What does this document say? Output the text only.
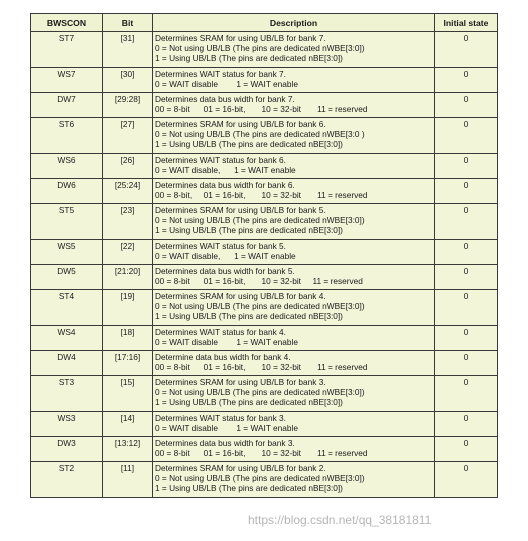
BWSCON	Bit	Description	Initial state
ST7	[31]	Determines SRAM for using UB/LB for bank 7.
0 = Not using UB/LB (The pins are dedicated nWBE[3:0])
1 = Using UB/LB (The pins are dedicated nBE[3:0])	0
WS7	[30]	Determines WAIT status for bank 7.
0 = WAIT disable        1 = WAIT enable	0
DW7	[29:28]	Determines data bus width for bank 7.
00 = 8-bit      01 = 16-bit,       10 = 32-bit       11 = reserved	0
ST6	[27]	Determines SRAM for using UB/LB for bank 6.
0 = Not using UB/LB (The pins are dedicated nWBE[3:0 )
1 = Using UB/LB (The pins are dedicated nBE[3:0])	0
WS6	[26]	Determines WAIT status for bank 6.
0 = WAIT disable,      1 = WAIT enable	0
DW6	[25:24]	Determines data bus width for bank 6.
00 = 8-bit,     01 = 16-bit,       10 = 32-bit       11 = reserved	0
ST5	[23]	Determines SRAM for using UB/LB for bank 5.
0 = Not using UB/LB (The pins are dedicated nWBE[3:0])
1 = Using UB/LB (The pins are dedicated nBE[3:0])	0
WS5	[22]	Determines WAIT status for bank 5.
0 = WAIT disable,      1 = WAIT enable	0
DW5	[21:20]	Determines data bus width for bank 5.
00 = 8-bit      01 = 16-bit,       10 = 32-bit     11 = reserved	0
ST4	[19]	Determines SRAM for using UB/LB for bank 4.
0 = Not using UB/LB (The pins are dedicated nWBE[3:0])
1 = Using UB/LB (The pins are dedicated nBE[3:0])	0
WS4	[18]	Determines WAIT status for bank 4.
0 = WAIT disable        1 = WAIT enable	0
DW4	[17:16]	Determine data bus width for bank 4.
00 = 8-bit      01 = 16-bit,       10 = 32-bit       11 = reserved	0
ST3	[15]	Determines SRAM for using UB/LB for bank 3.
0 = Not using UB/LB (The pins are dedicated nWBE[3:0])
1 = Using UB/LB (The pins are dedicated nBE[3:0])	0
WS3	[14]	Determines WAIT status for bank 3.
0 = WAIT disable        1 = WAIT enable	0
DW3	[13:12]	Determines data bus width for bank 3.
00 = 8-bit      01 = 16-bit,       10 = 32-bit       11 = reserved	0
ST2	[11]	Determines SRAM for using UB/LB for bank 2.
0 = Not using UB/LB (The pins are dedicated nWBE[3:0])
1 = Using UB/LB (The pins are dedicated nBE[3:0])	0
https://blog.csdn.net/qq_38181811
